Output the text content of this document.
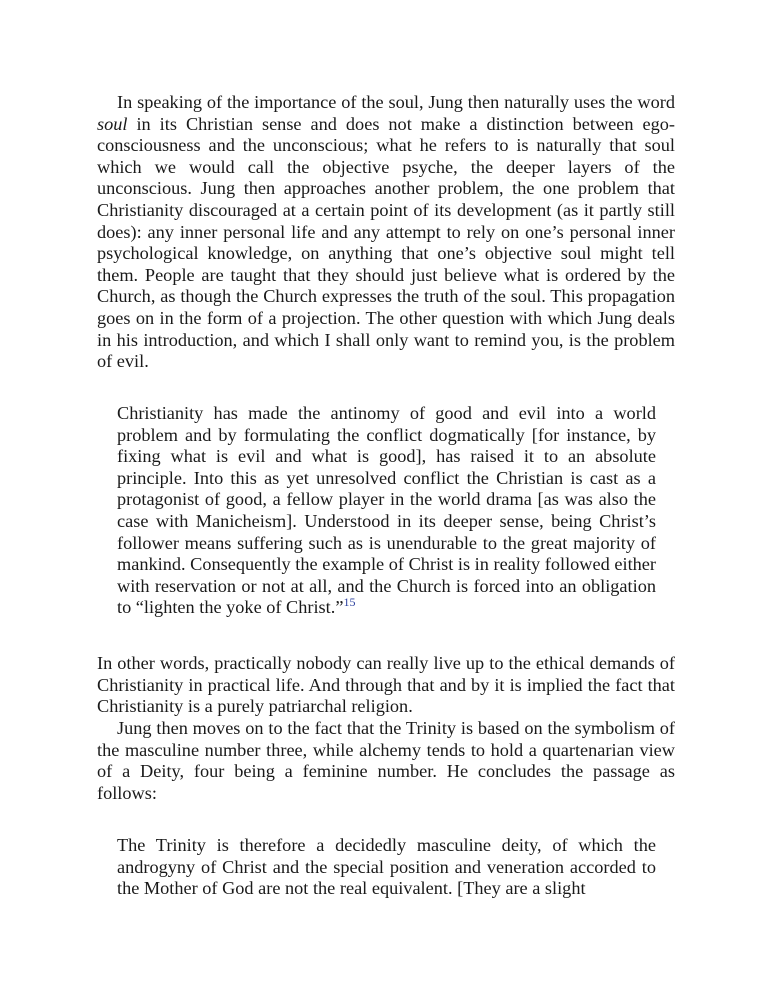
In speaking of the importance of the soul, Jung then naturally uses the word soul in its Christian sense and does not make a distinction between ego-consciousness and the unconscious; what he refers to is naturally that soul which we would call the objective psyche, the deeper layers of the unconscious. Jung then approaches another problem, the one problem that Christianity discouraged at a certain point of its development (as it partly still does): any inner personal life and any attempt to rely on one’s personal inner psychological knowledge, on anything that one’s objective soul might tell them. People are taught that they should just believe what is ordered by the Church, as though the Church expresses the truth of the soul. This propagation goes on in the form of a projection. The other question with which Jung deals in his introduction, and which I shall only want to remind you, is the problem of evil.

Christianity has made the antinomy of good and evil into a world problem and by formulating the conflict dogmatically [for instance, by fixing what is evil and what is good], has raised it to an absolute principle. Into this as yet unresolved conflict the Christian is cast as a protagonist of good, a fellow player in the world drama [as was also the case with Manicheism]. Understood in its deeper sense, being Christ’s follower means suffering such as is unendurable to the great majority of mankind. Consequently the example of Christ is in reality followed either with reservation or not at all, and the Church is forced into an obligation to “lighten the yoke of Christ.”$^{15}$

In other words, practically nobody can really live up to the ethical demands of Christianity in practical life. And through that and by it is implied the fact that Christianity is a purely patriarchal religion.

Jung then moves on to the fact that the Trinity is based on the symbolism of the masculine number three, while alchemy tends to hold a quartenarian view of a Deity, four being a feminine number. He concludes the passage as follows:

The Trinity is therefore a decidedly masculine deity, of which the androgyny of Christ and the special position and veneration accorded to the Mother of God are not the real equivalent. [They are a slight
